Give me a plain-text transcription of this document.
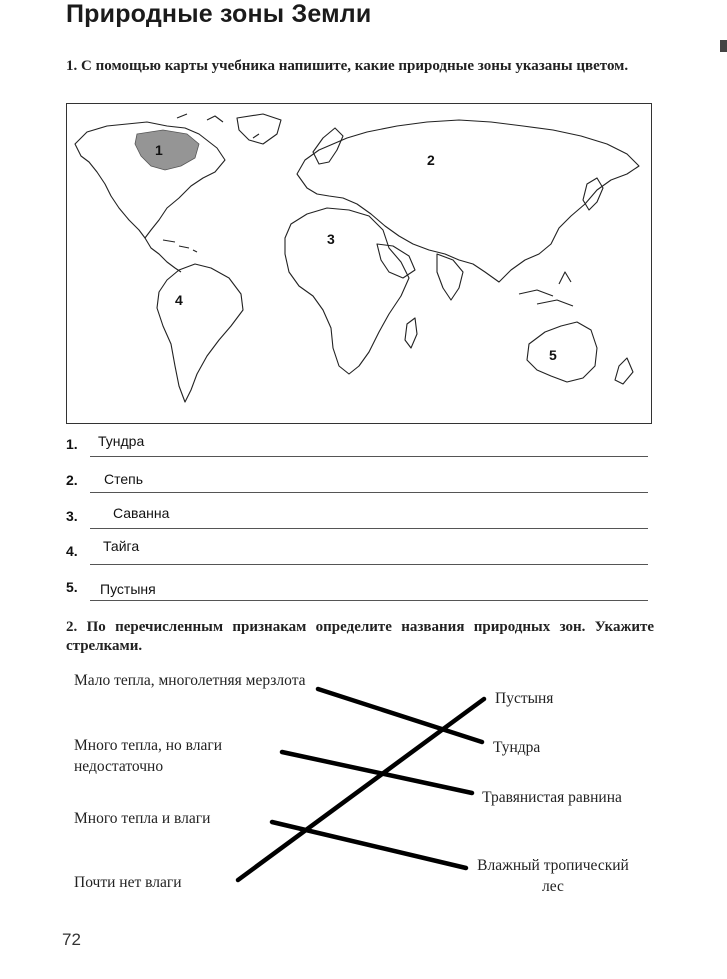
Природные зоны Земли
1. С помощью карты учебника напишите, какие природные зоны указаны цветом.
1
2
3
4
5
1. Тундра
2. Степь
3.	Саванна
4. Тайга
5. Пустыня
2. По перечисленным признакам определите названия природных зон. Укажите стрелками.
Мало тепла, многолетняя мерзлота
Много тепла, но влаги недостаточно
Много тепла и влаги
Почти нет влаги
Пустыня
Тундра
Травянистая равнина
Влажный тропический лес
72
